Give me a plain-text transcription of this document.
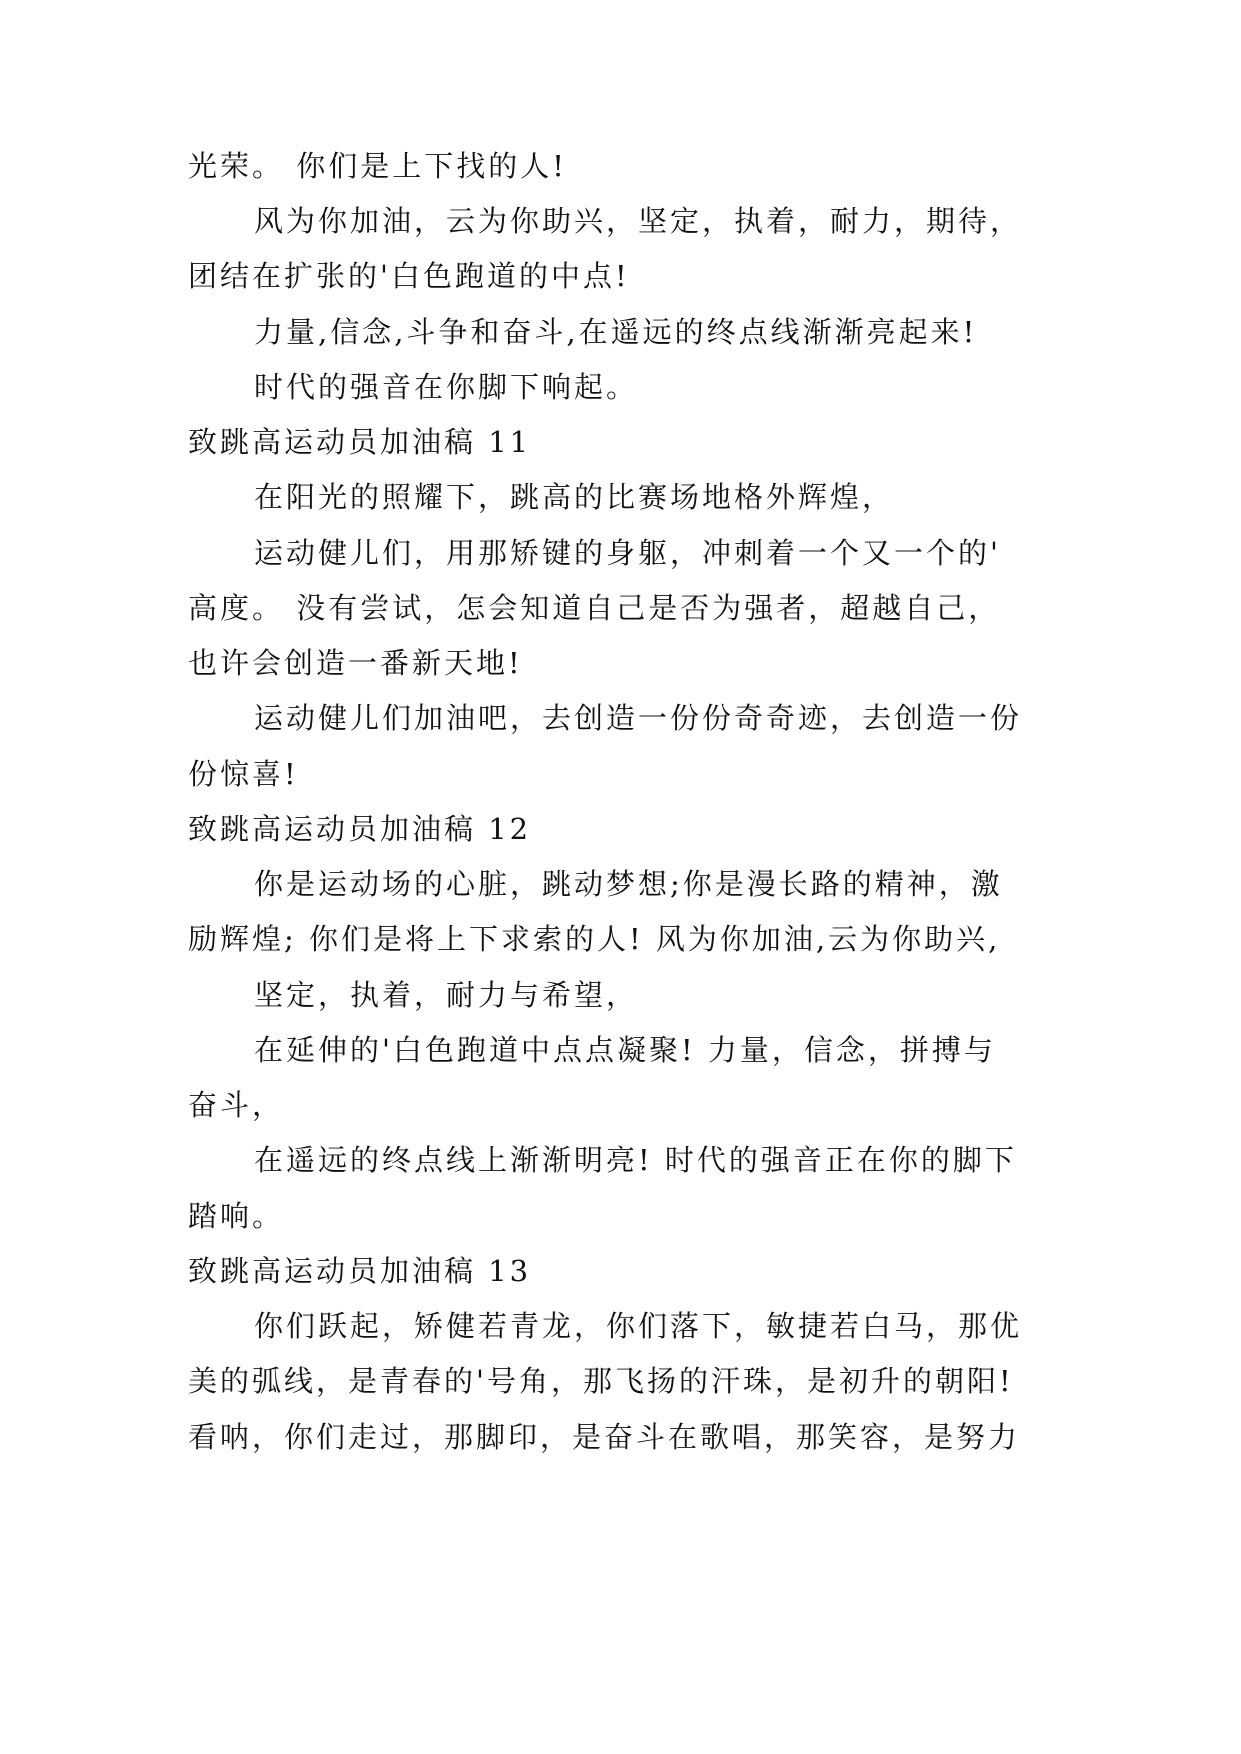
光荣。 你们是上下找的人!
风为你加油，云为你助兴，坚定，执着，耐力，期待，
团结在扩张的'白色跑道的中点!
力量,信念,斗争和奋斗,在遥远的终点线渐渐亮起来!
时代的强音在你脚下响起。
致跳高运动员加油稿 11
在阳光的照耀下，跳高的比赛场地格外辉煌，
运动健儿们，用那矫键的身躯，冲刺着一个又一个的'
高度。 没有尝试，怎会知道自己是否为强者，超越自己，
也许会创造一番新天地!
运动健儿们加油吧，去创造一份份奇奇迹，去创造一份
份惊喜!
致跳高运动员加油稿 12
你是运动场的心脏，跳动梦想;你是漫长路的精神，激
励辉煌; 你们是将上下求索的人! 风为你加油,云为你助兴,
坚定，执着，耐力与希望，
在延伸的'白色跑道中点点凝聚! 力量，信念，拼搏与
奋斗，
在遥远的终点线上渐渐明亮! 时代的强音正在你的脚下
踏响。
致跳高运动员加油稿 13
你们跃起，矫健若青龙，你们落下，敏捷若白马，那优
美的弧线，是青春的'号角，那飞扬的汗珠，是初升的朝阳!
看呐，你们走过，那脚印，是奋斗在歌唱，那笑容，是努力
